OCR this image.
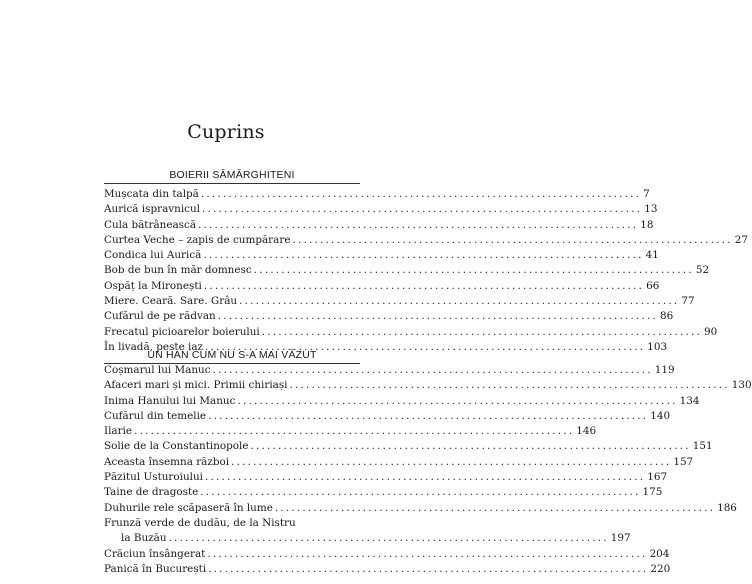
Cuprins
BOIERII SĂMĂRGHITENI
Mușcata din talpă ................................................................................ 7
Aurică ispravnicul ................................................................................ 13
Cula bătrânească ................................................................................ 18
Curtea Veche – zapis de cumpărare ................................................................................ 27
Condica lui Aurică ................................................................................ 41
Bob de bun în măr domnesc ................................................................................ 52
Ospăț la Mironești ................................................................................ 66
Miere. Ceară. Sare. Grâu ................................................................................ 77
Cufărul de pe rădvan ................................................................................ 86
Frecatul picioarelor boierului ................................................................................ 90
În livadă, peste iaz ................................................................................ 103
UN HAN CUM NU S-A MAI VĂZUT
Coșmarul lui Manuc ................................................................................ 119
Afaceri mari și mici. Primii chiriași ................................................................................ 130
Inima Hanului lui Manuc ................................................................................ 134
Cufărul din temelie ................................................................................ 140
Ilarie ................................................................................ 146
Solie de la Constantinopole ................................................................................ 151
Aceasta însemna război ................................................................................ 157
Păzitul Usturoiului ................................................................................ 167
Taine de dragoste ................................................................................ 175
Duhurile rele scăpaseră în lume ................................................................................ 186
Frunză verde de dudău, de la Nistru
la Buzău ................................................................................ 197
Crăciun însângerat ................................................................................ 204
Panică în București ................................................................................ 220
